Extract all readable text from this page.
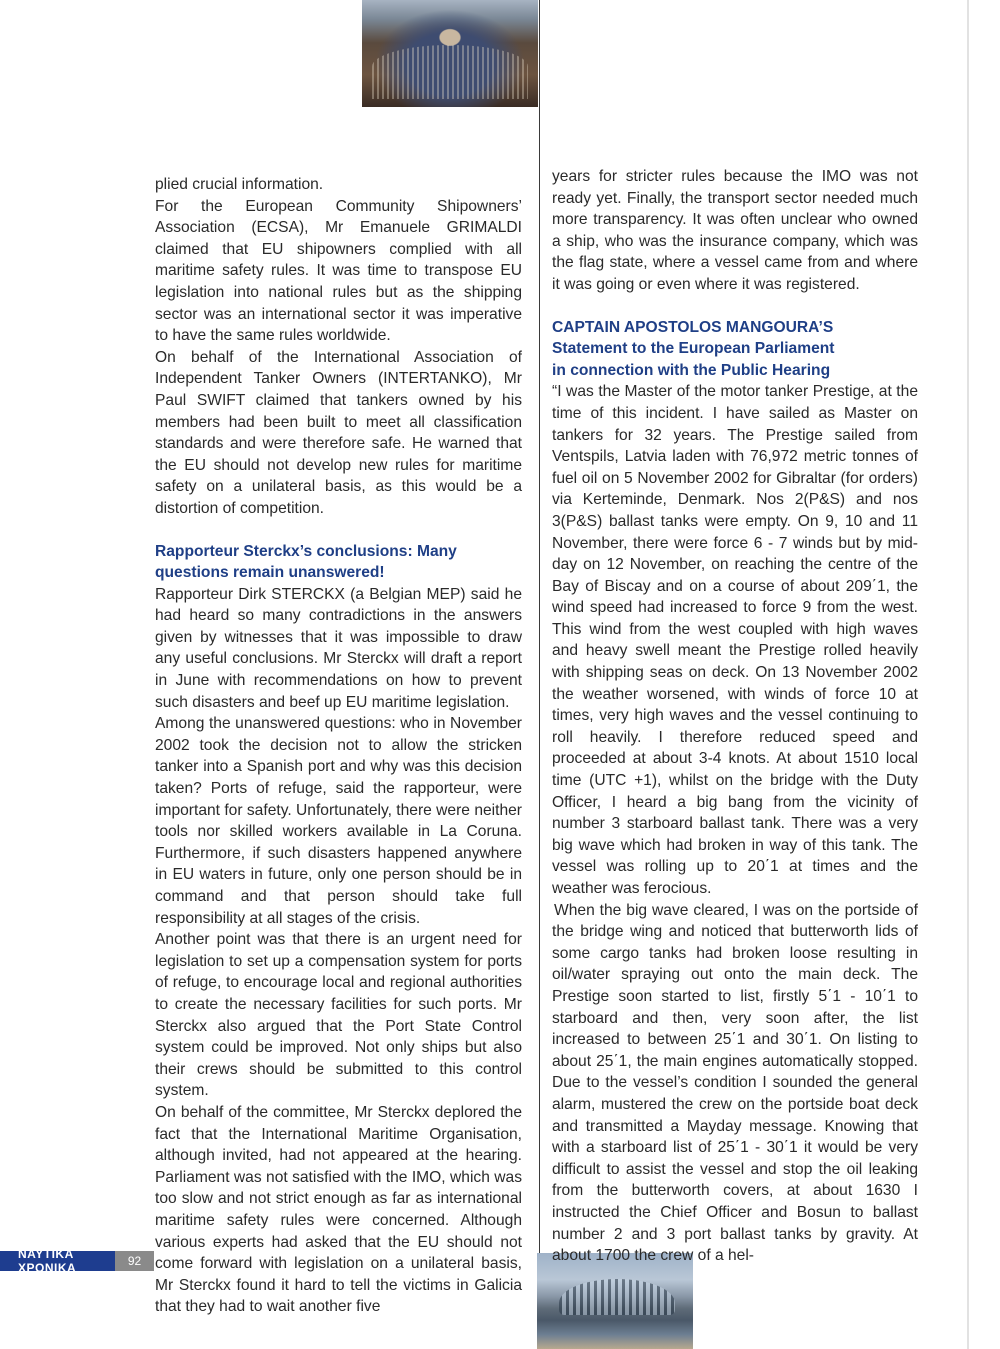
plied crucial information.

For the European Community Shipowners’ Association (ECSA), Mr Emanuele GRIMALDI claimed that EU shipowners complied with all maritime safety rules. It was time to transpose EU legislation into national rules but as the shipping sector was an international sector it was imperative to have the same rules worldwide.

On behalf of the International Association of Independent Tanker Owners (INTERTANKO), Mr Paul SWIFT claimed that tankers owned by his members had been built to meet all classification standards and were therefore safe. He warned that the EU should not develop new rules for maritime safety on a unilateral basis, as this would be a distortion of competition.

Rapporteur Sterckx’s conclusions: Many questions remain unanswered!

Rapporteur Dirk STERCKX (a Belgian MEP) said he had heard so many contradictions in the answers given by witnesses that it was impossible to draw any useful conclusions. Mr Sterckx will draft a report in June with recommendations on how to prevent such disasters and beef up EU maritime legislation.

Among the unanswered questions: who in November 2002 took the decision not to allow the stricken tanker into a Spanish port and why was this decision taken? Ports of refuge, said the rapporteur, were important for safety. Unfortunately, there were neither tools nor skilled workers available in La Coruna. Furthermore, if such disasters happened anywhere in EU waters in future, only one person should be in command and that person should take full responsibility at all stages of the crisis.

Another point was that there is an urgent need for legislation to set up a compensation system for ports of refuge, to encourage local and regional authorities to create the necessary facilities for such ports. Mr Sterckx also argued that the Port State Control system could be improved. Not only ships but also their crews should be submitted to this control system.

On behalf of the committee, Mr Sterckx deplored the fact that the International Maritime Organisation, although invited, had not appeared at the hearing. Parliament was not satisfied with the IMO, which was too slow and not strict enough as far as international maritime safety rules were concerned. Although various experts had asked that the EU should not come forward with legislation on a unilateral basis, Mr Sterckx found it hard to tell the victims in Galicia that they had to wait another five

years for stricter rules because the IMO was not ready yet. Finally, the transport sector needed much more transparency. It was often unclear who owned a ship, who was the insurance company, which was the flag state, where a vessel came from and where it was going or even where it was registered.

CAPTAIN APOSTOLOS MANGOURA’S

Statement to the European Parliament

in connection with the Public Hearing

“I was the Master of the motor tanker Prestige, at the time of this incident. I have sailed as Master on tankers for 32 years. The Prestige sailed from Ventspils, Latvia laden with 76,972 metric tonnes of fuel oil on 5 November 2002 for Gibraltar (for orders) via Kerteminde, Denmark. Nos 2(P&S) and nos 3(P&S) ballast tanks were empty. On 9, 10 and 11 November, there were force 6 - 7 winds but by mid-day on 12 November, on reaching the centre of the Bay of Biscay and on a course of about 209΄1, the wind speed had increased to force 9 from the west. This wind from the west coupled with high waves and heavy swell meant the Prestige rolled heavily with shipping seas on deck. On 13 November 2002 the weather worsened, with winds of force 10 at times, very high waves and the vessel continuing to roll heavily. I therefore reduced speed and proceeded at about 3-4 knots. At about 1510 local time (UTC +1), whilst on the bridge with the Duty Officer, I heard a big bang from the vicinity of number 3 starboard ballast tank. There was a very big wave which had broken in way of this tank. The vessel was rolling up to 20΄1 at times and the weather was ferocious.

When the big wave cleared, I was on the portside of the bridge wing and noticed that butterworth lids of some cargo tanks had broken loose resulting in oil/water spraying out onto the main deck. The Prestige soon started to list, firstly 5΄1 - 10΄1 to starboard and then, very soon after, the list increased to between 25΄1 and 30΄1. On listing to about 25΄1, the main engines automatically stopped. Due to the vessel’s condition I sounded the general alarm, mustered the crew on the portside boat deck and transmitted a Mayday message. Knowing that with a starboard list of 25΄1 - 30΄1 it would be very difficult to assist the vessel and stop the oil leaking from the butterworth covers, at about 1630 I instructed the Chief Officer and Bosun to ballast number 2 and 3 port ballast tanks by gravity. At about 1700 the crew of a hel-

ΝΑΥΤΙΚΑ ΧΡΟΝΙΚΑ	92
